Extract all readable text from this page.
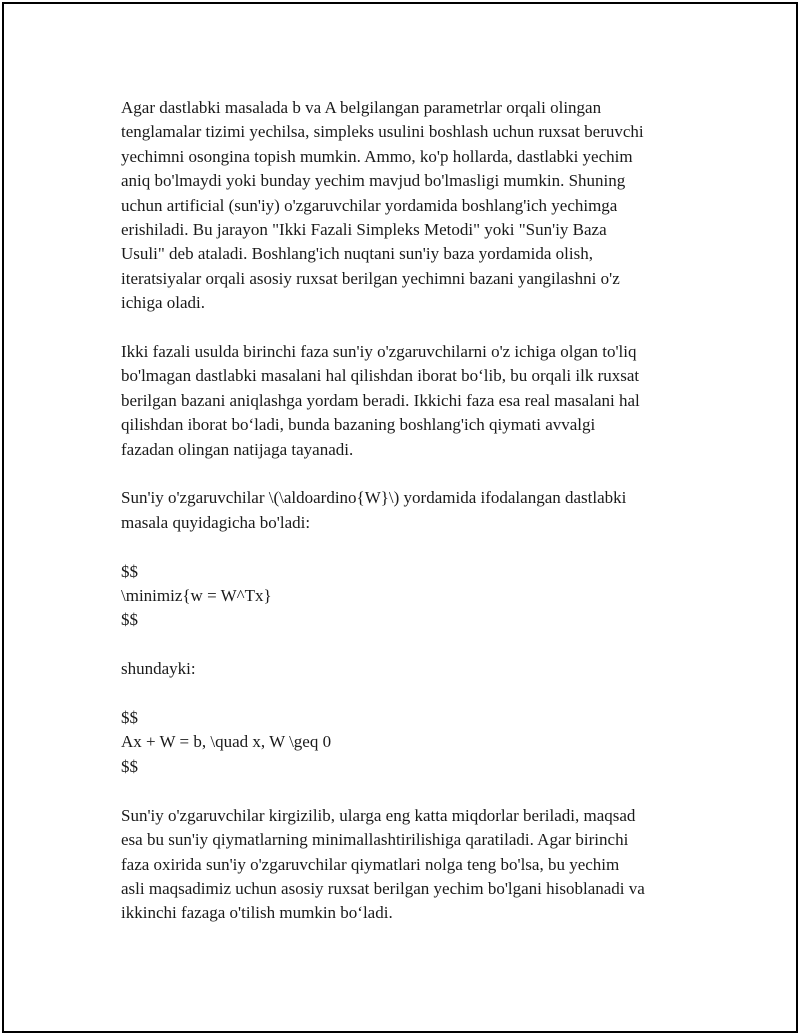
Agar dastlabki masalada b va A belgilangan parametrlar orqali olingan
tenglamalar tizimi yechilsa, simpleks usulini boshlash uchun ruxsat beruvchi
yechimni osongina topish mumkin. Ammo, ko'p hollarda, dastlabki yechim
aniq bo'lmaydi yoki bunday yechim mavjud bo'lmasligi mumkin. Shuning
uchun artificial (sun'iy) o'zgaruvchilar yordamida boshlang'ich yechimga
erishiladi. Bu jarayon "Ikki Fazali Simpleks Metodi" yoki "Sun'iy Baza
Usuli" deb ataladi. Boshlang'ich nuqtani sun'iy baza yordamida olish,
iteratsiyalar orqali asosiy ruxsat berilgan yechimni bazani yangilashni o'z
ichiga oladi.

Ikki fazali usulda birinchi faza sun'iy o'zgaruvchilarni o'z ichiga olgan to'liq
bo'lmagan dastlabki masalani hal qilishdan iborat bo‘lib, bu orqali ilk ruxsat
berilgan bazani aniqlashga yordam beradi. Ikkichi faza esa real masalani hal
qilishdan iborat bo‘ladi, bunda bazaning boshlang'ich qiymati avvalgi
fazadan olingan natijaga tayanadi.

Sun'iy o'zgaruvchilar \(\aldoardino{W}\) yordamida ifodalangan dastlabki
masala quyidagicha bo'ladi:

$$
\minimiz{w = W^Tx}
$$

shundayki:

$$
Ax + W = b, \quad x, W \geq 0
$$

Sun'iy o'zgaruvchilar kirgizilib, ularga eng katta miqdorlar beriladi, maqsad
esa bu sun'iy qiymatlarning minimallashtirilishiga qaratiladi. Agar birinchi
faza oxirida sun'iy o'zgaruvchilar qiymatlari nolga teng bo'lsa, bu yechim
asli maqsadimiz uchun asosiy ruxsat berilgan yechim bo'lgani hisoblanadi va
ikkinchi fazaga o'tilish mumkin bo‘ladi.
